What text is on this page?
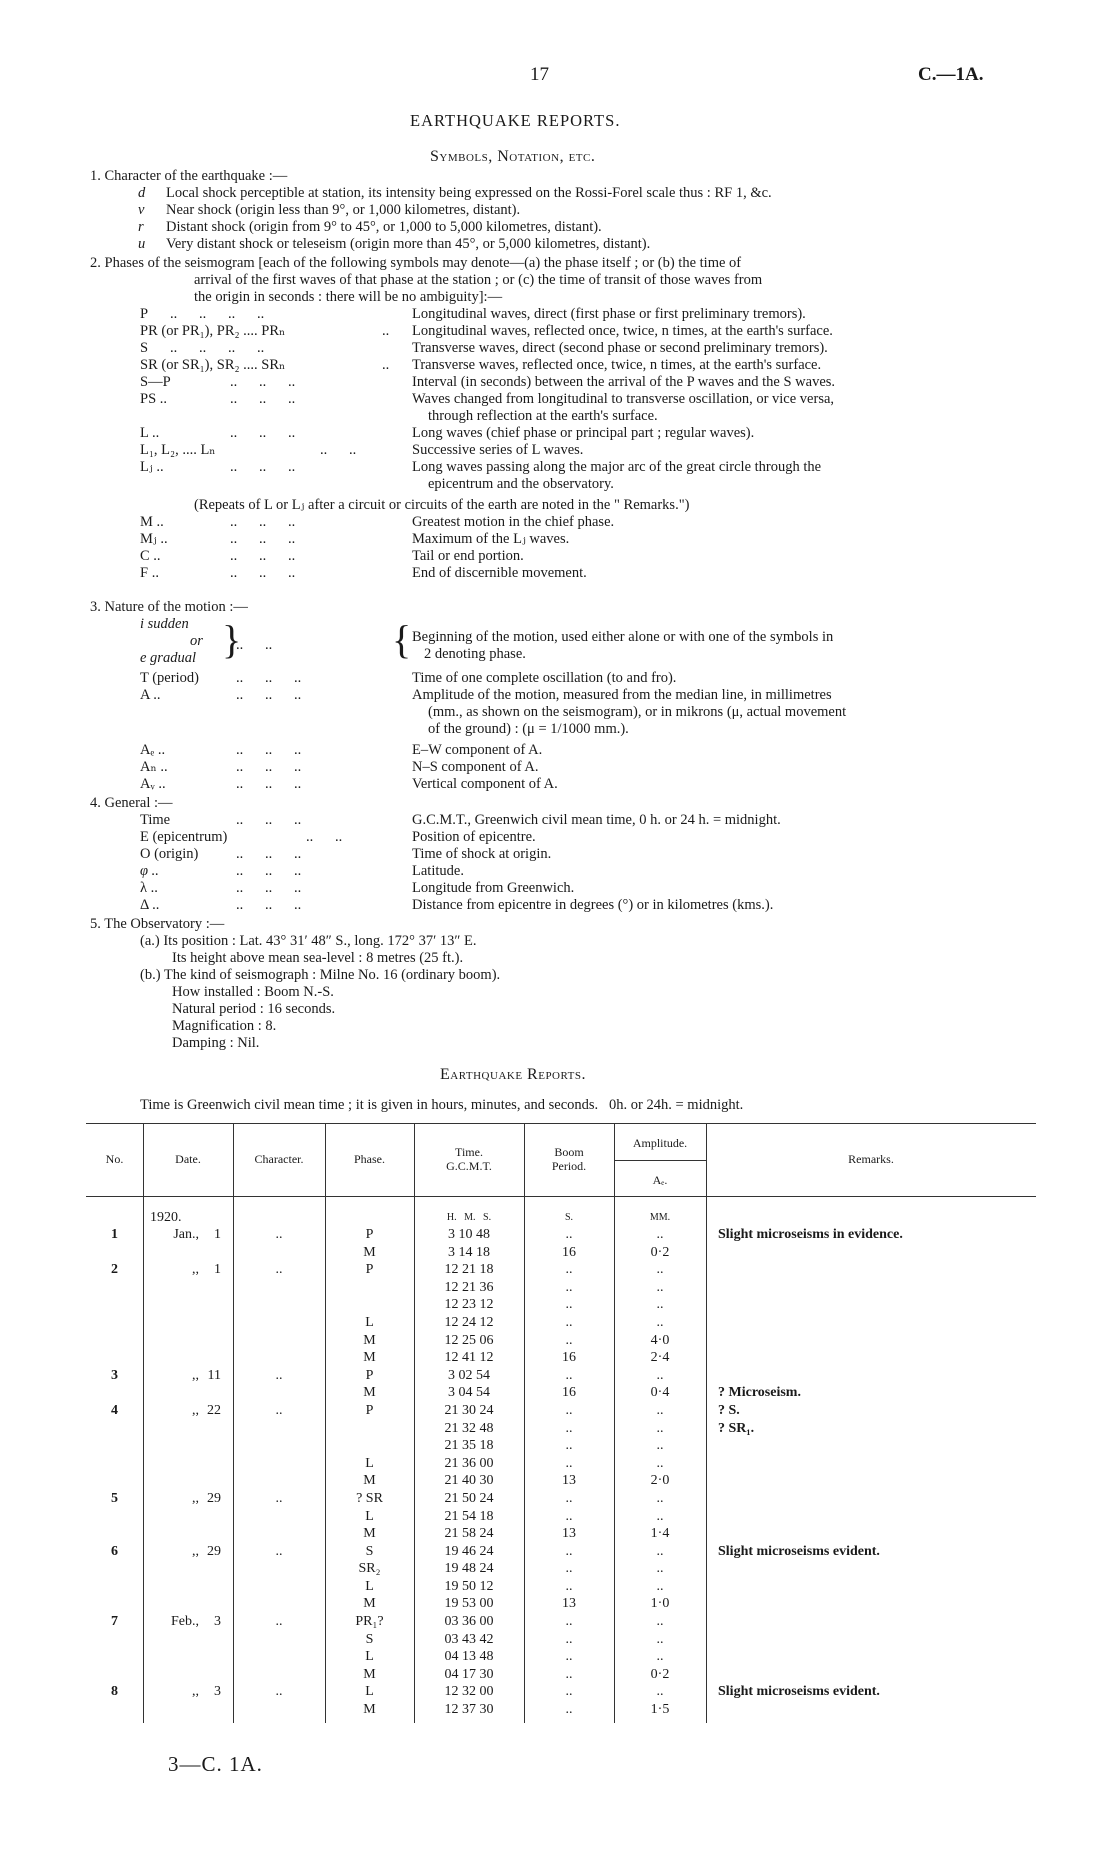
17	C.—1A.
EARTHQUAKE REPORTS.
Symbols, Notation, etc.
1. Character of the earthquake :—
d Local shock perceptible at station, its intensity being expressed on the Rossi-Forel scale thus : RF 1, &c.
v Near shock (origin less than 9°, or 1,000 kilometres, distant).
r Distant shock (origin from 9° to 45°, or 1,000 to 5,000 kilometres, distant).
u Very distant shock or teleseism (origin more than 45°, or 5,000 kilometres, distant).
2. Phases of the seismogram [each of the following symbols may denote—(a) the phase itself ; or (b) the time of
arrival of the first waves of that phase at the station ; or (c) the time of transit of those waves from
the origin in seconds : there will be no ambiguity]:—
P ..      ..      ..      ..	Longitudinal waves, direct (first phase or first preliminary tremors).
PR (or PR₁), PR₂ .... PRₙ	.. Longitudinal waves, reflected once, twice, n times, at the earth's surface.
S ..      ..      ..      ..	Transverse waves, direct (second phase or second preliminary tremors).
SR (or SR₁), SR₂ .... SRₙ	.. Transverse waves, reflected once, twice, n times, at the earth's surface.
S—P	..      ..      ..	Interval (in seconds) between the arrival of the P waves and the S waves.
PS ..	..      ..      ..	Waves changed from longitudinal to transverse oscillation, or vice versa,
through reflection at the earth's surface.
L ..	..      ..      ..	Long waves (chief phase or principal part ; regular waves).
L₁, L₂, .... Lₙ	..      ..	Successive series of L waves.
Lⱼ ..	..      ..      ..	Long waves passing along the major arc of the great circle through the
epicentrum and the observatory.
(Repeats of L or Lⱼ after a circuit or circuits of the earth are noted in the " Remarks.")
M ..	..      ..      ..	Greatest motion in the chief phase.
Mⱼ ..	..      ..      ..	Maximum of the Lⱼ waves.
C ..	..      ..      ..	Tail or end portion.
F ..	..      ..      ..	End of discernible movement.
3. Nature of the motion :—
i sudden
or
e gradual }
..      ..	{ Beginning of the motion, used either alone or with one of the symbols in
2 denoting phase.
T (period)	..      ..      ..	Time of one complete oscillation (to and fro).
A ..	..      ..      ..	Amplitude of the motion, measured from the median line, in millimetres
(mm., as shown on the seismogram), or in mikrons (μ, actual movement
of the ground) : (μ = 1/1000 mm.).
Aₑ ..	..      ..      ..	E–W component of A.
Aₙ ..	..      ..      ..	N–S component of A.
Aᵥ ..	..      ..      ..	Vertical component of A.
4. General :—
Time	..      ..      ..	G.C.M.T., Greenwich civil mean time, 0 h. or 24 h. = midnight.
E (epicentrum)	..      ..	Position of epicentre.
O (origin)	..      ..      ..	Time of shock at origin.
φ ..	..      ..      ..	Latitude.
λ ..	..      ..      ..	Longitude from Greenwich.
Δ ..	..      ..      ..	Distance from epicentre in degrees (°) or in kilometres (kms.).
5. The Observatory :—
(a.) Its position : Lat. 43° 31′ 48″ S., long. 172° 37′ 13″ E.
Its height above mean sea-level : 8 metres (25 ft.).
(b.) The kind of seismograph : Milne No. 16 (ordinary boom).
How installed : Boom N.-S.
Natural period : 16 seconds.
Magnification : 8.
Damping : Nil.
Earthquake Reports.
Time is Greenwich civil mean time ; it is given in hours, minutes, and seconds.   0h. or 24h. = midnight.
No.	Date.	Character.	Phase.	Time.
G.C.M.T.
Boom
Period.
Amplitude.
Aₑ.
Remarks.
1920.	H.   M.   S.	S.	MM.
1	Jan.,	1	..	P	3 10 48	..	..	Slight microseisms in evidence.
				M	3 14 18	16	0·2	
2	,,	1	..	P	12 21 18	..	..	
					12 21 36	..	..	
					12 23 12	..	..	
				L	12 24 12	..	..	
				M	12 25 06	..	4·0	
				M	12 41 12	16	2·4	
3	,,	11	..	P	3 02 54	..	..	
				M	3 04 54	16	0·4	? Microseism.
4	,,	22	..	P	21 30 24	..	..	? S.
					21 32 48	..	..	? SR₁.
					21 35 18	..	..	
				L	21 36 00	..	..	
				M	21 40 30	13	2·0	
5	,,	29	..	? SR	21 50 24	..	..	
				L	21 54 18	..	..	
				M	21 58 24	13	1·4	
6	,,	29	..	S	19 46 24	..	..	Slight microseisms evident.
				SR₂	19 48 24	..	..	
				L	19 50 12	..	..	
				M	19 53 00	13	1·0	
7	Feb.,	3	..	PR₁?	03 36 00	..	..	
				S	03 43 42	..	..	
				L	04 13 48	..	..	
				M	04 17 30	..	0·2	
8	,,	3	..	L	12 32 00	..	..	Slight microseisms evident.
				M	12 37 30	..	1·5	
3—C. 1A.
